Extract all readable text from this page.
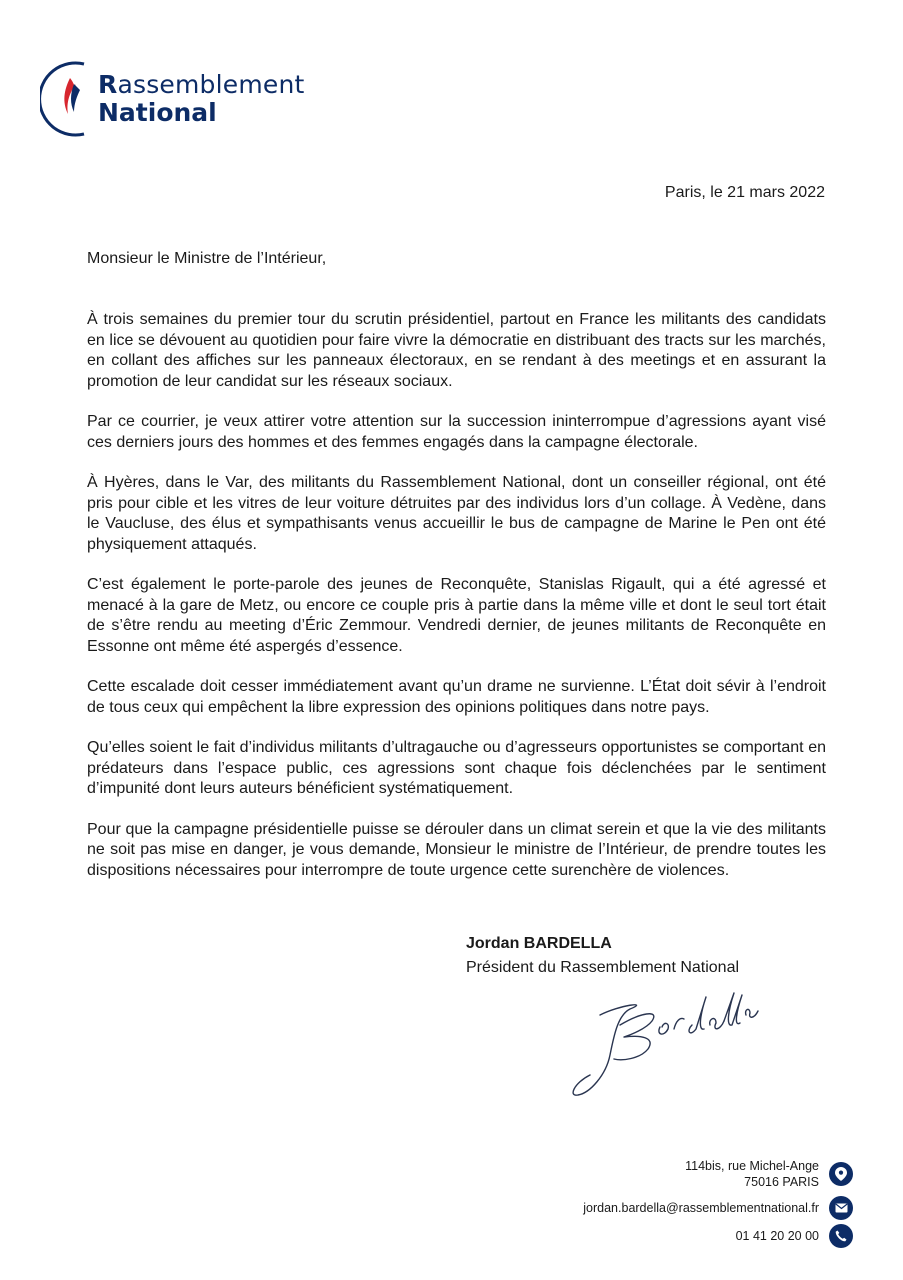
Rassemblement
National
Paris, le 21 mars 2022
Monsieur le Ministre de l’Intérieur,

À trois semaines du premier tour du scrutin présidentiel, partout en France les militants des candidats en lice se dévouent au quotidien pour faire vivre la démocratie en distribuant des tracts sur les marchés, en collant des affiches sur les panneaux électoraux, en se rendant à des meetings et en assurant la promotion de leur candidat sur les réseaux sociaux.

Par ce courrier, je veux attirer votre attention sur la succession ininterrompue d’agressions ayant visé ces derniers jours des hommes et des femmes engagés dans la campagne électorale.

À Hyères, dans le Var, des militants du Rassemblement National, dont un conseiller régional, ont été pris pour cible et les vitres de leur voiture détruites par des individus lors d’un collage. À Vedène, dans le Vaucluse, des élus et sympathisants venus accueillir le bus de campagne de Marine le Pen ont été physiquement attaqués.

C’est également le porte-parole des jeunes de Reconquête, Stanislas Rigault, qui a été agressé et menacé à la gare de Metz, ou encore ce couple pris à partie dans la même ville et dont le seul tort était de s’être rendu au meeting d’Éric Zemmour. Vendredi dernier, de jeunes militants de Reconquête en Essonne ont même été aspergés d’essence.

Cette escalade doit cesser immédiatement avant qu’un drame ne survienne. L’État doit sévir à l’endroit de tous ceux qui empêchent la libre expression des opinions politiques dans notre pays.

Qu’elles soient le fait d’individus militants d’ultragauche ou d’agresseurs opportunistes se comportant en prédateurs dans l’espace public, ces agressions sont chaque fois déclenchées par le sentiment d’impunité dont leurs auteurs bénéficient systématiquement.

Pour que la campagne présidentielle puisse se dérouler dans un climat serein et que la vie des militants ne soit pas mise en danger, je vous demande, Monsieur le ministre de l’Intérieur, de prendre toutes les dispositions nécessaires pour interrompre de toute urgence cette surenchère de violences.

Jordan BARDELLA
Président du Rassemblement National
114bis, rue Michel-Ange
75016 PARIS
jordan.bardella@rassemblementnational.fr
01 41 20 20 00
